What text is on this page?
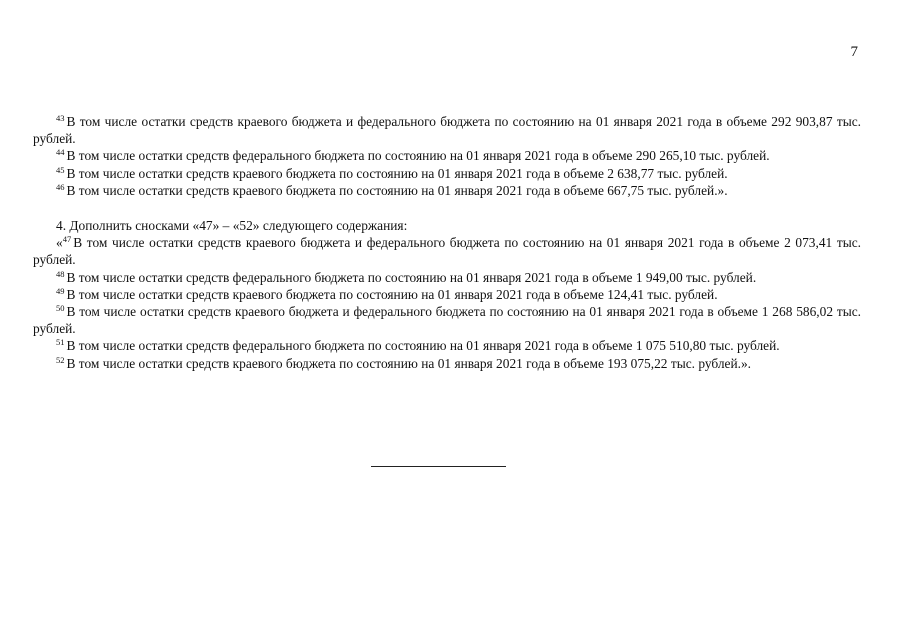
7

$^{43}$ В том числе остатки средств краевого бюджета и федерального бюджета по состоянию на 01 января 2021 года в объеме 292 903,87 тыс. рублей.

$^{44}$ В том числе остатки средств федерального бюджета по состоянию на 01 января 2021 года в объеме 290 265,10 тыс. рублей.

$^{45}$ В том числе остатки средств краевого бюджета по состоянию на 01 января 2021 года в объеме 2 638,77 тыс. рублей.

$^{46}$ В том числе остатки средств краевого бюджета по состоянию на 01 января 2021 года в объеме 667,75 тыс. рублей.».

4. Дополнить сносками «47» – «52» следующего содержания:

«$^{47}$ В том числе остатки средств краевого бюджета и федерального бюджета по состоянию на 01 января 2021 года в объеме 2 073,41 тыс. рублей.

$^{48}$ В том числе остатки средств федерального бюджета по состоянию на 01 января 2021 года в объеме 1 949,00 тыс. рублей.

$^{49}$ В том числе остатки средств краевого бюджета по состоянию на 01 января 2021 года в объеме 124,41 тыс. рублей.

$^{50}$ В том числе остатки средств краевого бюджета и федерального бюджета по состоянию на 01 января 2021 года в объеме 1 268 586,02 тыс. рублей.

$^{51}$ В том числе остатки средств федерального бюджета по состоянию на 01 января 2021 года в объеме 1 075 510,80 тыс. рублей.

$^{52}$ В том числе остатки средств краевого бюджета по состоянию на 01 января 2021 года в объеме 193 075,22 тыс. рублей.».
